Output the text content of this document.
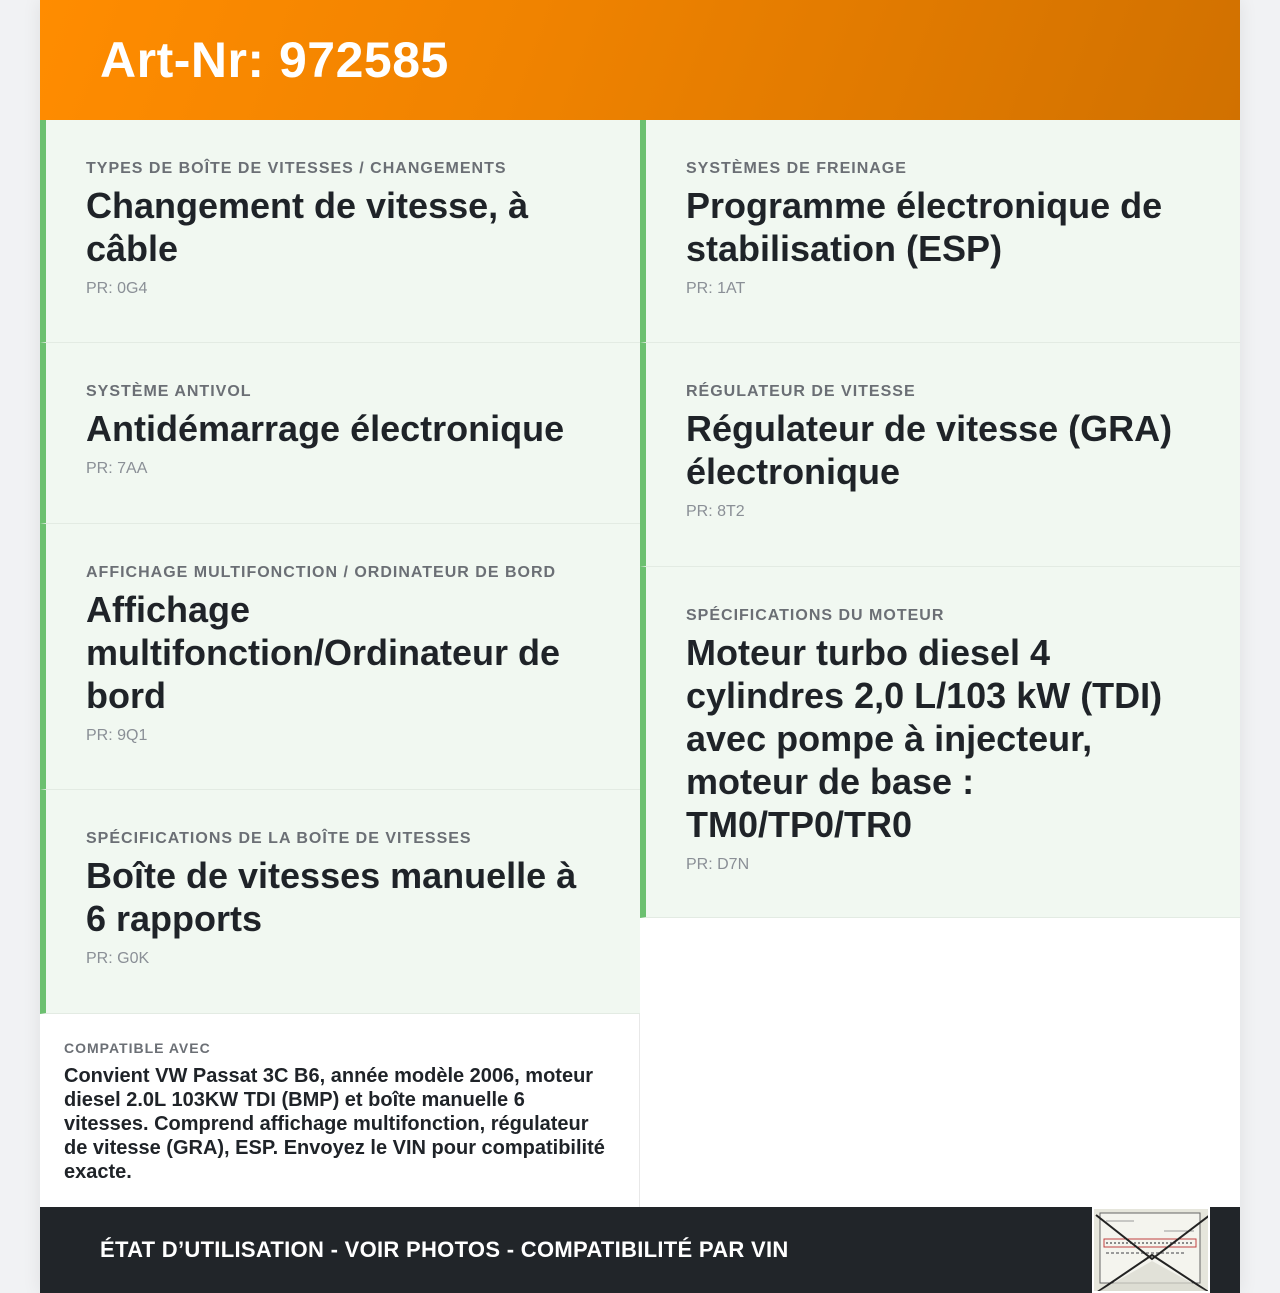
Art-Nr: 972585
TYPES DE BOÎTE DE VITESSES / CHANGEMENTS
Changement de vitesse, à câble
PR: 0G4
SYSTÈME ANTIVOL
Antidémarrage électronique
PR: 7AA
AFFICHAGE MULTIFONCTION / ORDINATEUR DE BORD
Affichage multifonction/Ordinateur de bord
PR: 9Q1
SPÉCIFICATIONS DE LA BOÎTE DE VITESSES
Boîte de vitesses manuelle à 6 rapports
PR: G0K
COMPATIBLE AVEC
Convient VW Passat 3C B6, année modèle 2006, moteur diesel 2.0L 103KW TDI (BMP) et boîte manuelle 6 vitesses. Comprend affichage multifonction, régulateur de vitesse (GRA), ESP. Envoyez le VIN pour compatibilité exacte.
SYSTÈMES DE FREINAGE
Programme électronique de stabilisation (ESP)
PR: 1AT
RÉGULATEUR DE VITESSE
Régulateur de vitesse (GRA) électronique
PR: 8T2
SPÉCIFICATIONS DU MOTEUR
Moteur turbo diesel 4 cylindres 2,0 L/103 kW (TDI) avec pompe à injecteur, moteur de base : TM0/TP0/TR0
PR: D7N
ÉTAT D’UTILISATION - VOIR PHOTOS - COMPATIBILITÉ PAR VIN
